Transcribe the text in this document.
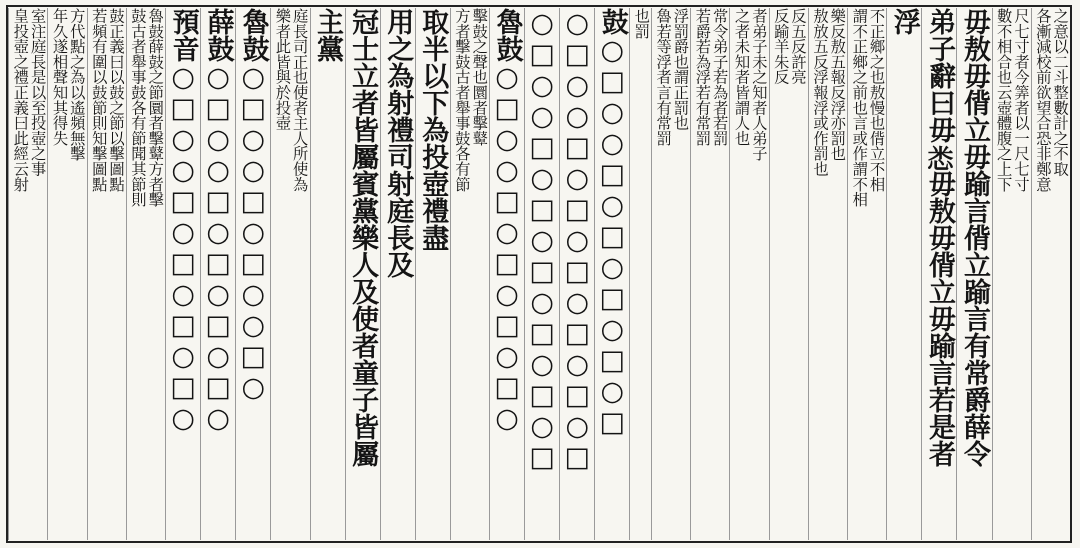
之意以二斗整數計之不取
各漸減校前欲望合恐非鄭意
尺七寸者今筭者以一尺七寸
數不相合也云壺體腹之上下
毋敖毋偝立毋踰言偝立踰言有常爵薛令
弟子辭曰毋𢘻毋敖毋偝立毋踰言若是者
浮
不正鄉之也敖慢也偝立不相
謂不正鄉之前也言或作謂不相
樂反敖五報反浮亦罰也
敖放五反浮報浮或作罰也
反五反許亮
反踰羊朱反
者弟子未之知者人弟子
之者未知者皆謂人也
常令弟子若為者若罰
若爵若為浮若有常罰
浮罰爵也謂正罰也
魯若等浮者言有常罰
也罰
鼓○□○○□○□○□○□○□
○□○○□○□○□○□○□○□
○□○○□○□○□○□○□○□
魯鼓○□○○□○□○□○□○
擊鼓之聲也圜者擊鼙
方者擊鼓古者舉事鼓各有節
取半以下為投壺禮盡
用之為射禮司射庭長及
冠士立者皆屬賓黨樂人及使者童子皆屬
主黨
庭長司正也使者主人所使為
樂者此皆與於投壺
魯鼓○□○○□○□○○□○
薛鼓○□○○□○□○□○□○
預音○□○○□○□○□○□○
魯鼓薛鼓之節圜者擊鼙方者擊
鼓古者舉事鼓各有節聞其節則
鼓正義曰以鼓之節以擊圖點
若頻有圍以鼓節則知擊圖點
方代點之為以遙頻無擊
年久遂相聲知其得失
室注庭長是以至投壺之事
皇投壺之禮正義曰此經云射
